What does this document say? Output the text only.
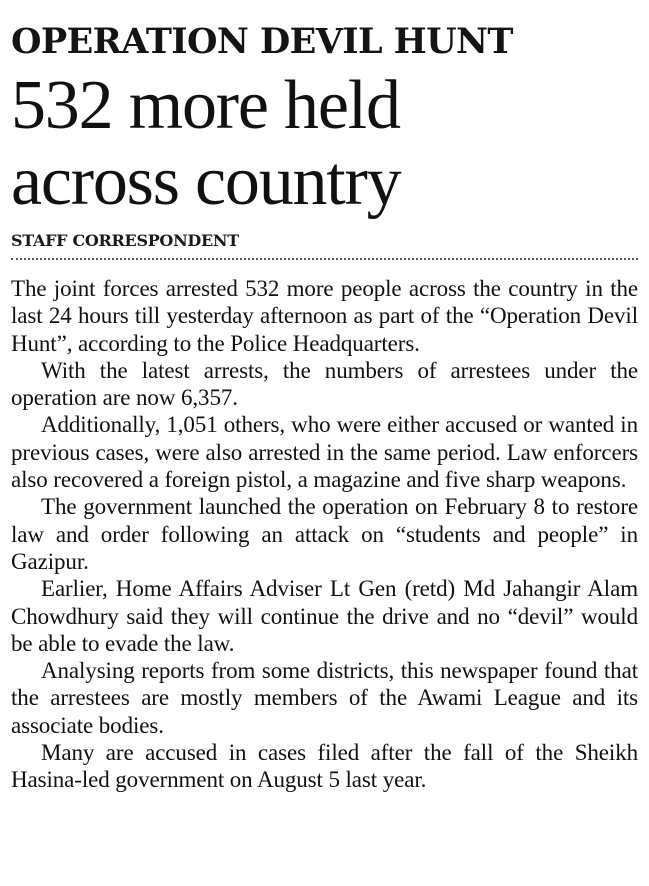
OPERATION DEVIL HUNT
532 more held
across country
STAFF CORRESPONDENT

The joint forces arrested 532 more people across the country in the last 24 hours till yesterday afternoon as part of the “Operation Devil Hunt”, according to the Police Headquarters.

With the latest arrests, the numbers of arrestees under the operation are now 6,357.

Additionally, 1,051 others, who were either accused or wanted in previous cases, were also arrested in the same period. Law enforcers also recovered a foreign pistol, a magazine and five sharp weapons.

The government launched the operation on February 8 to restore law and order following an attack on “students and people” in Gazipur.

Earlier, Home Affairs Adviser Lt Gen (retd) Md Jahangir Alam Chowdhury said they will continue the drive and no “devil” would be able to evade the law.

Analysing reports from some districts, this newspaper found that the arrestees are mostly members of the Awami League and its associate bodies.

Many are accused in cases filed after the fall of the Sheikh Hasina-led government on August 5 last year.
